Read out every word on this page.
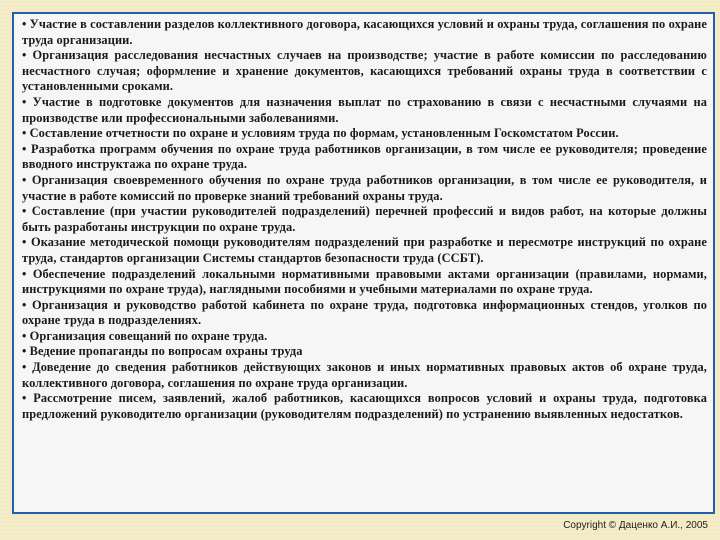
• Участие в составлении разделов коллективного договора, касающихся условий и охраны труда, соглашения по охране труда организации.

• Организация расследования несчастных случаев на производстве; участие в работе комиссии по расследованию несчастного случая; оформление и хранение документов, касающихся требований охраны труда в соответствии с установленными сроками.

• Участие в подготовке документов для назначения выплат по страхованию в связи с несчастными случаями на производстве или профессиональными заболеваниями.

• Составление отчетности по охране и условиям труда по формам, установленным Госкомстатом России.

• Разработка программ обучения по охране труда работников организации, в том числе ее руководителя; проведение вводного инструктажа по охране труда.

• Организация своевременного обучения по охране труда работников организации, в том числе ее руководителя, и участие в работе комиссий по проверке знаний требований охраны труда.

• Составление (при участии руководителей подразделений) перечней профессий и видов работ, на которые должны быть разработаны инструкции по охране труда.

• Оказание методической помощи руководителям подразделений при разработке и пересмотре инструкций по охране труда, стандартов организации Системы стандартов безопасности труда (ССБТ).

• Обеспечение подразделений локальными нормативными правовыми актами организации (правилами, нормами, инструкциями по охране труда), наглядными пособиями и учебными материалами по охране труда.

• Организация и руководство работой кабинета по охране труда, подготовка информационных стендов, уголков по охране труда в подразделениях.

• Организация совещаний по охране труда.

• Ведение пропаганды по вопросам охраны труда

• Доведение до сведения работников действующих законов и иных нормативных правовых актов об охране труда, коллективного договора, соглашения по охране труда организации.

• Рассмотрение писем, заявлений, жалоб работников, касающихся вопросов условий и охраны труда, подготовка предложений руководителю организации (руководителям подразделений) по устранению выявленных недостатков.

Copyright © Даценко А.И., 2005
